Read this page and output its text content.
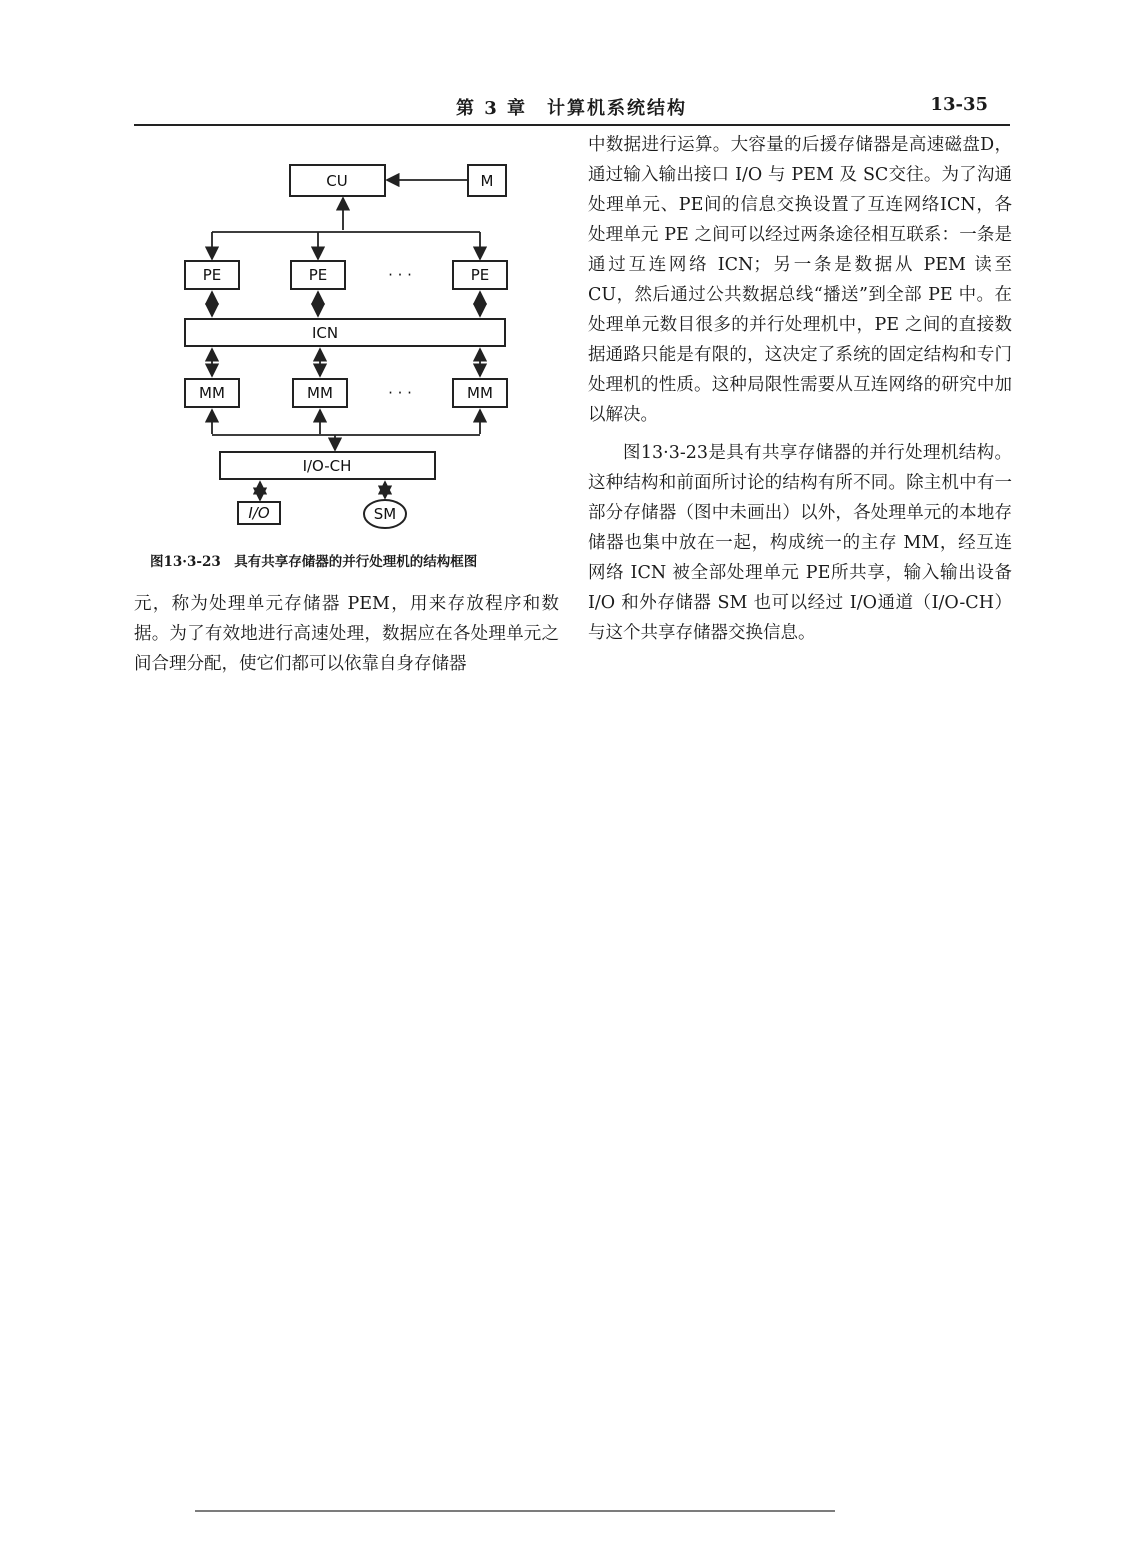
第 3 章　计算机系统结构	13-35
CU	M
PE	PE	· · ·	PE
ICN
MM	MM	· · ·	MM
I/O-CH
I/O	SM
图13·3-23　具有共享存储器的并行处理机的结构框图

元，称为处理单元存储器 PEM，用来存放程序和数据。为了有效地进行高速处理，数据应在各处理单元之间合理分配，使它们都可以依靠自身存储器

中数据进行运算。大容量的后援存储器是高速磁盘D，通过输入输出接口 I/O 与 PEM 及 SC交往。为了沟通处理单元、PE间的信息交换设置了互连网络ICN，各处理单元 PE 之间可以经过两条途径相互联系：一条是通过互连网络 ICN；另一条是数据从 PEM 读至 CU，然后通过公共数据总线“播送”到全部 PE 中。在处理单元数目很多的并行处理机中，PE 之间的直接数据通路只能是有限的，这决定了系统的固定结构和专门处理机的性质。这种局限性需要从互连网络的研究中加以解决。

图13·3-23是具有共享存储器的并行处理机结构。这种结构和前面所讨论的结构有所不同。除主机中有一部分存储器（图中未画出）以外，各处理单元的本地存储器也集中放在一起，构成统一的主存 MM，经互连网络 ICN 被全部处理单元 PE所共享，输入输出设备 I/O 和外存储器 SM 也可以经过 I/O通道（I/O-CH）与这个共享存储器交换信息。
